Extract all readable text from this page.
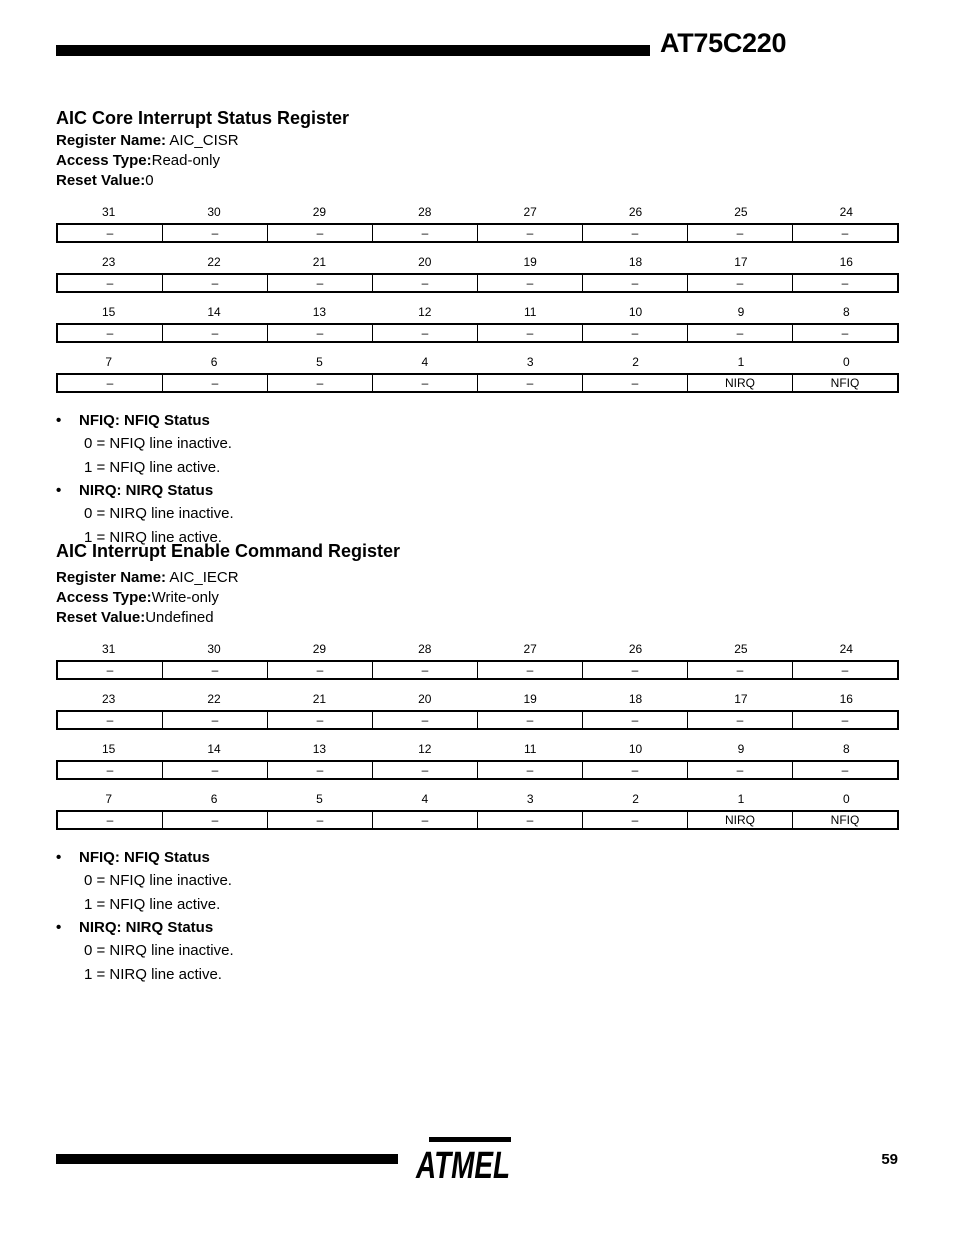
AT75C220
AIC Core Interrupt Status Register
Register Name: AIC_CISR
Access Type:Read-only
Reset Value:0
31	30	29	28	27	26	25	24
–	–	–	–	–	–	–	–
23	22	21	20	19	18	17	16
–	–	–	–	–	–	–	–
15	14	13	12	11	10	9	8
–	–	–	–	–	–	–	–
7	6	5	4	3	2	1	0
–	–	–	–	–	–	NIRQ	NFIQ
• NFIQ: NFIQ Status
0 = NFIQ line inactive.
1 = NFIQ line active.
• NIRQ: NIRQ Status
0 = NIRQ line inactive.
1 = NIRQ line active.
AIC Interrupt Enable Command Register
Register Name: AIC_IECR
Access Type:Write-only
Reset Value:Undefined
31	30	29	28	27	26	25	24
–	–	–	–	–	–	–	–
23	22	21	20	19	18	17	16
–	–	–	–	–	–	–	–
15	14	13	12	11	10	9	8
–	–	–	–	–	–	–	–
7	6	5	4	3	2	1	0
–	–	–	–	–	–	NIRQ	NFIQ
• NFIQ: NFIQ Status
0 = NFIQ line inactive.
1 = NFIQ line active.
• NIRQ: NIRQ Status
0 = NIRQ line inactive.
1 = NIRQ line active.
ATMEL	59
